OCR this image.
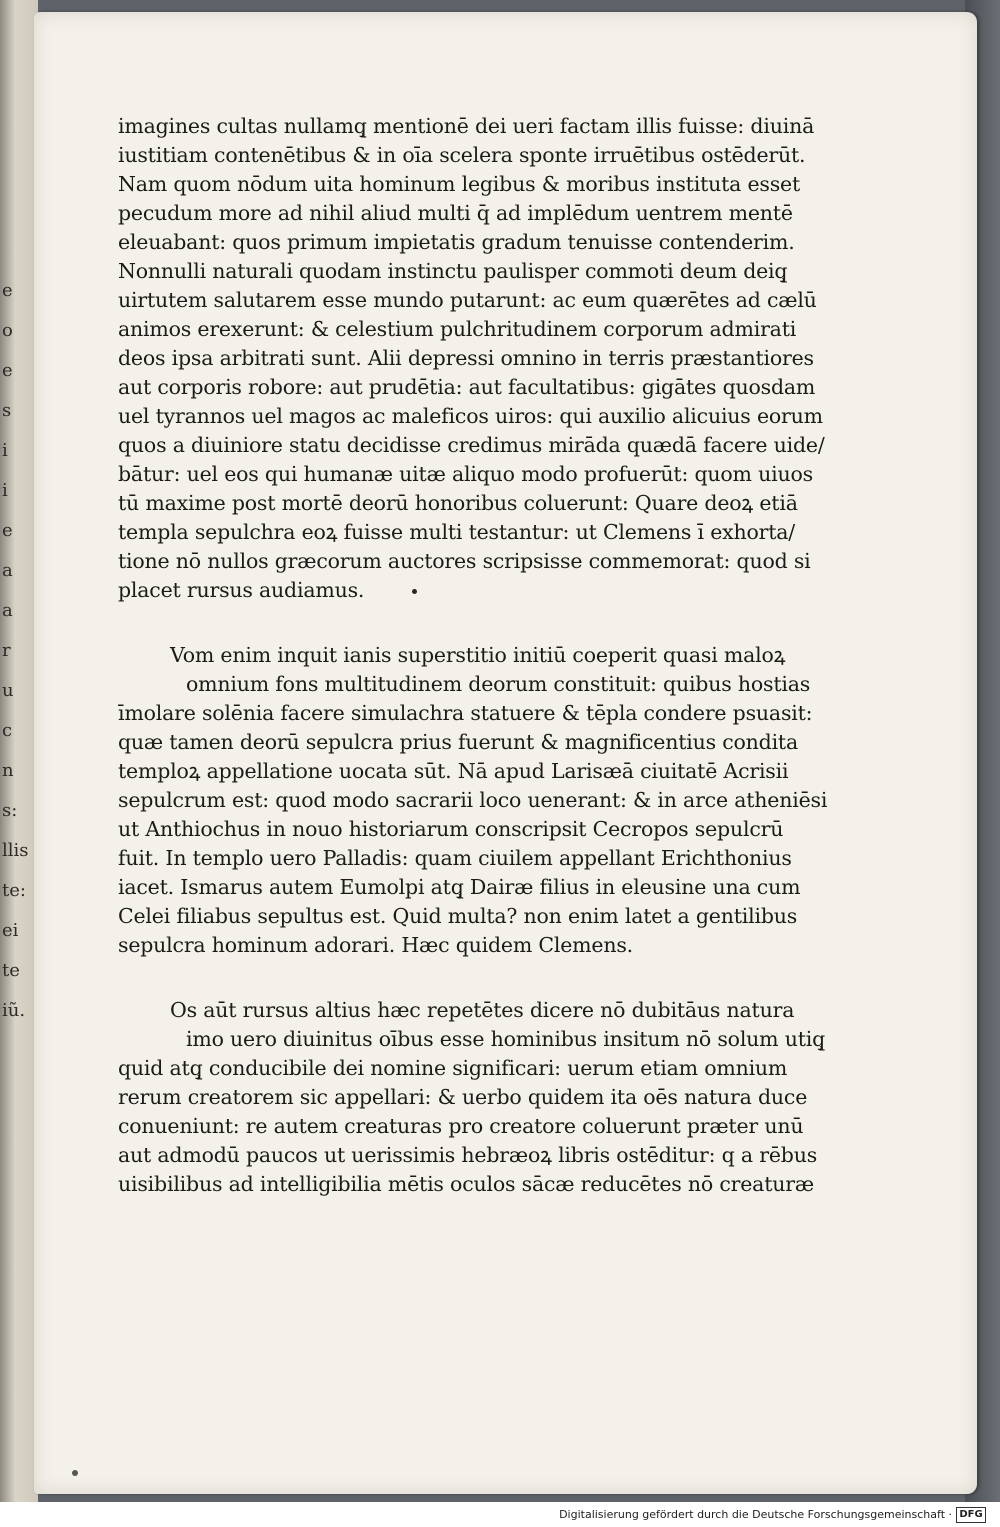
e
o
e
s
i
i
e
a
a
r
u
c
n
s:
llis
te:
ei
te
iũ.
imagines cultas nullamq̧ mentionē dei ueri factam illis fuisse: diuinā
iustitiam contenētibus & in oīa scelera sponte irruētibus ostēderūt.
Nam quom nōdum uita hominum legibus & moribus instituta esset
pecudum more ad nihil aliud multi q̄ ad implēdum uentrem mentē
eleuabant: quos primum impietatis gradum tenuisse contenderim.
Nonnulli naturali quodam instinctu paulisper commoti deum deiq̧
uirtutem salutarem esse mundo putarunt: ac eum quærētes ad cælū
animos erexerunt: & celestium pulchritudinem corporum admirati
deos ipsa arbitrati sunt. Alii depressi omnino in terris præstantiores
aut corporis robore: aut prudētia: aut facultatibus: gigātes quosdam
uel tyrannos uel magos ac maleficos uiros: qui auxilio alicuius eorum
quos a diuiniore statu decidisse credimus mirāda quædā facere uide/
bātur: uel eos qui humanæ uitæ aliquo modo profuerūt: quom uiuos
tū maxime post mortē deorū honoribus coluerunt: Quare deoꝝ etiā
templa sepulchra eoꝝ fuisse multi testantur: ut Clemens ī exhorta/
tione nō nullos græcorum auctores scripsisse commemorat: quod si
placet rursus audiamus.
Vom enim inquit ianis superstitio initiū coeperit quasi maloꝝ
omnium fons multitudinem deorum constituit: quibus hostias
īmolare solēnia facere simulachra statuere & tēpla condere psuasit:
quæ tamen deorū sepulcra prius fuerunt & magnificentius condita
temploꝝ appellatione uocata sūt. Nā apud Larisæā ciuitatē Acrisii
sepulcrum est: quod modo sacrarii loco uenerant: & in arce atheniēsi
ut Anthiochus in nouo historiarum conscripsit Cecropos sepulcrū
fuit. In templo uero Palladis: quam ciuilem appellant Erichthonius
iacet. Ismarus autem Eumolpi atq̧ Dairæ filius in eleusine una cum
Celei filiabus sepultus est. Quid multa? non enim latet a gentilibus
sepulcra hominum adorari. Hæc quidem Clemens.
Os aūt rursus altius hæc repetētes dicere nō dubitāus natura
imo uero diuinitus oībus esse hominibus insitum nō solum utiq̧
quid atq̧ conducibile dei nomine significari: uerum etiam omnium
rerum creatorem sic appellari: & uerbo quidem ita oēs natura duce
conueniunt: re autem creaturas pro creatore coluerunt præter unū
aut admodū paucos ut uerissimis hebræoꝝ libris ostēditur: q a rēbus
uisibilibus ad intelligibilia mētis oculos sācæ reducētes nō creaturæ
Digitalisierung gefördert durch die Deutsche Forschungsgemeinschaft · DFG
